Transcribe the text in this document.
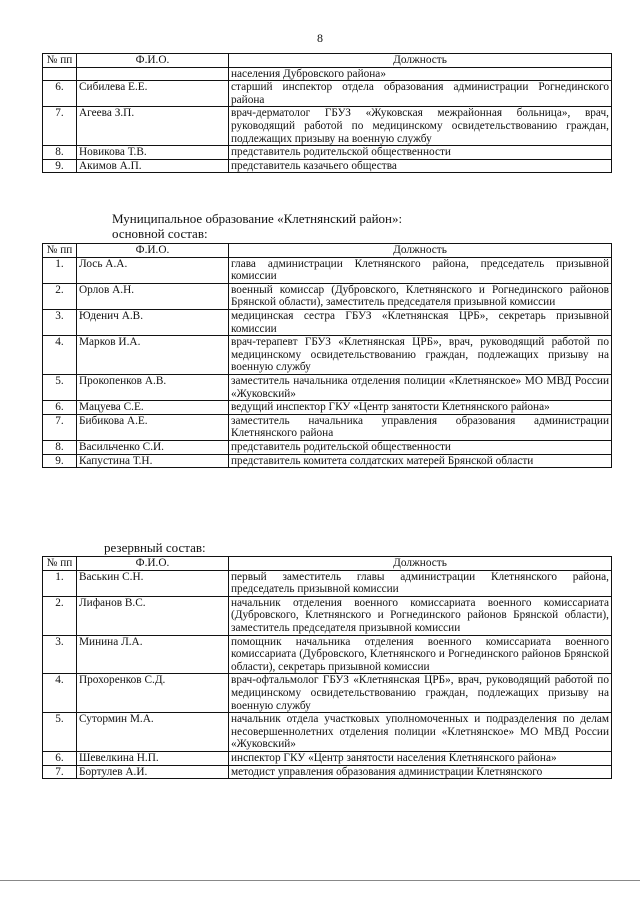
8
№ пп	Ф.И.О.	Должность
		населения Дубровского района»
6.	Сибилева Е.Е.	старший инспектор отдела образования администрации Рогнединского района
7.	Агеева З.П.	врач-дерматолог ГБУЗ «Жуковская межрайонная больница», врач, руководящий работой по медицинскому освидетельствованию граждан, подлежащих призыву на военную службу
8.	Новикова Т.В.	представитель родительской общественности
9.	Акимов А.П.	представитель казачьего общества
Муниципальное образование «Клетнянский район»:
основной состав:
№ пп	Ф.И.О.	Должность
1.	Лось А.А.	глава администрации Клетнянского района, председатель призывной комиссии
2.	Орлов А.Н.	военный комиссар (Дубровского, Клетнянского и Рогнединского районов Брянской области), заместитель председателя призывной комиссии
3.	Юденич А.В.	медицинская сестра ГБУЗ «Клетнянская ЦРБ», секретарь призывной комиссии
4.	Марков И.А.	врач-терапевт ГБУЗ «Клетнянская ЦРБ», врач, руководящий работой по медицинскому освидетельствованию граждан, подлежащих призыву на военную службу
5.	Прокопенков А.В.	заместитель начальника отделения полиции «Клетнянское» МО МВД России «Жуковский»
6.	Мацуева С.Е.	ведущий инспектор ГКУ «Центр занятости Клетнянского района»
7.	Бибикова А.Е.	заместитель начальника управления образования администрации Клетнянского района
8.	Васильченко С.И.	представитель родительской общественности
9.	Капустина Т.Н.	представитель комитета солдатских матерей Брянской области
резервный состав:
№ пп	Ф.И.О.	Должность
1.	Васькин С.Н.	первый заместитель главы администрации Клетнянского района, председатель призывной комиссии
2.	Лифанов В.С.	начальник отделения военного комиссариата военного комиссариата (Дубровского, Клетнянского и Рогнединского районов Брянской области), заместитель председателя призывной комиссии
3.	Минина Л.А.	помощник начальника отделения военного комиссариата военного комиссариата (Дубровского, Клетнянского и Рогнединского районов Брянской области), секретарь призывной комиссии
4.	Прохоренков С.Д.	врач-офтальмолог ГБУЗ «Клетнянская ЦРБ», врач, руководящий работой по медицинскому освидетельствованию граждан, подлежащих призыву на военную службу
5.	Сутормин М.А.	начальник отдела участковых уполномоченных и подразделения по делам несовершеннолетних отделения полиции «Клетнянское» МО МВД России «Жуковский»
6.	Шевелкина Н.П.	инспектор ГКУ «Центр занятости населения Клетнянского района»
7.	Бортулев А.И.	методист управления образования администрации Клетнянского
